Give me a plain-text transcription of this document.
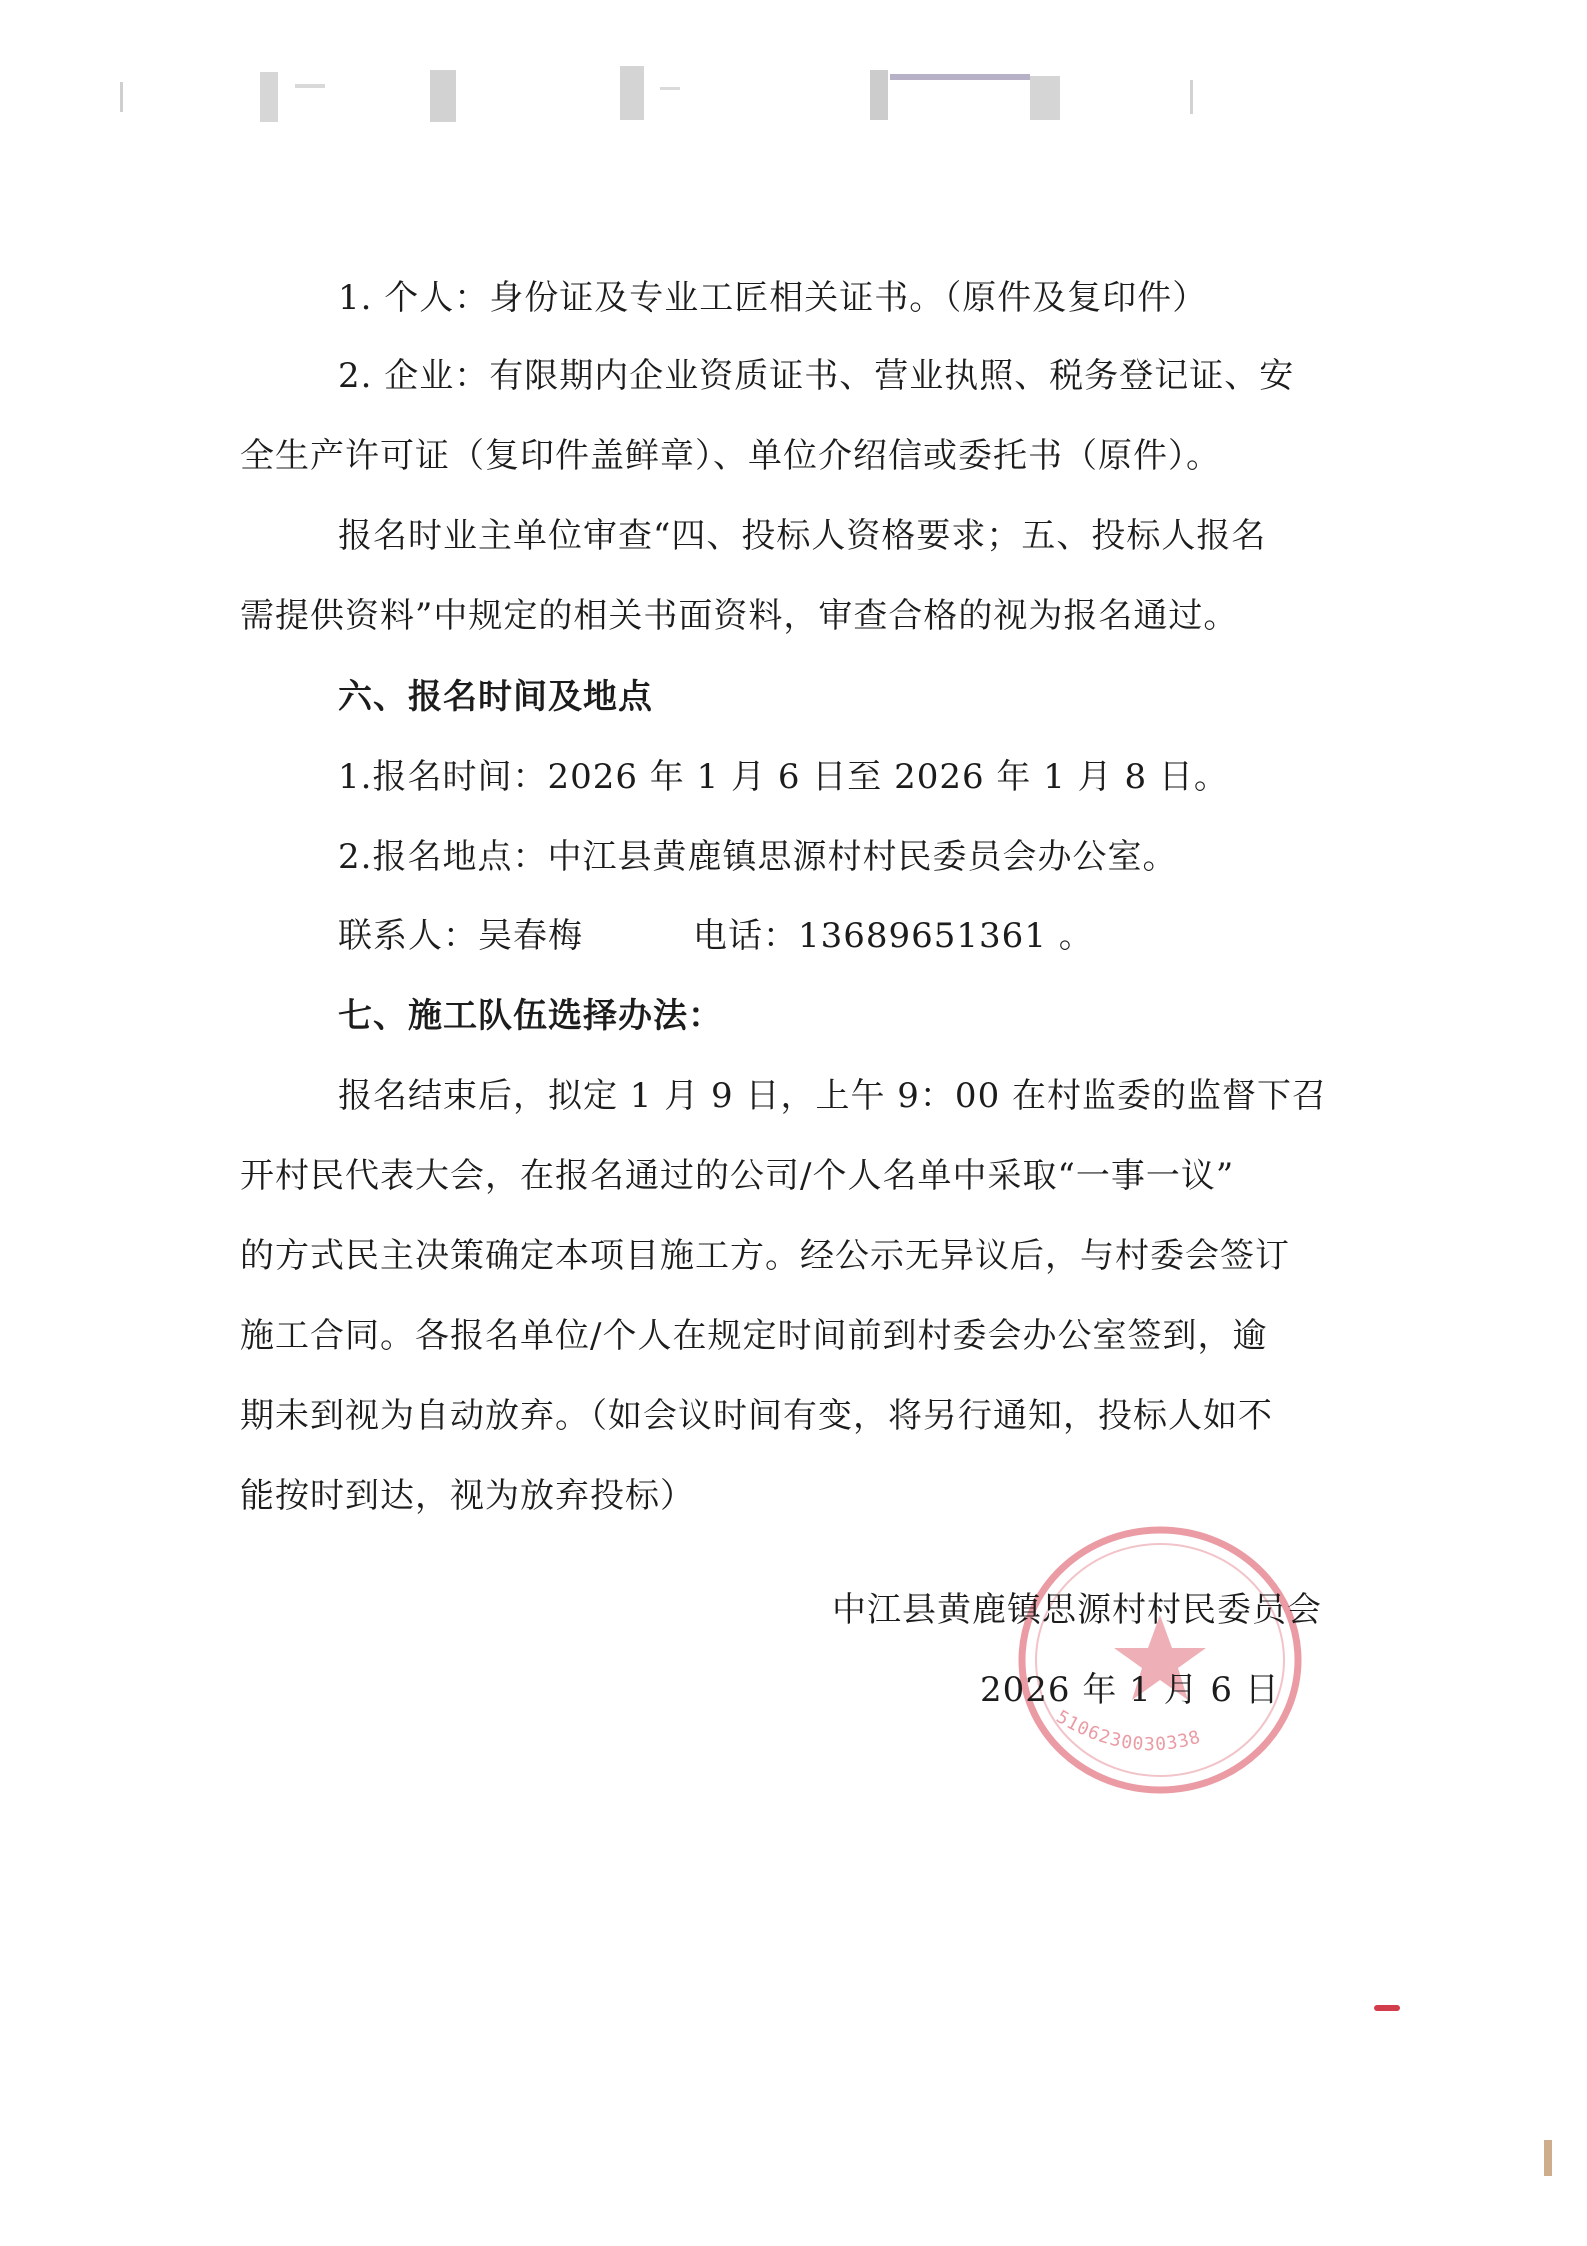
1. 个人：身份证及专业工匠相关证书。（原件及复印件）
2. 企业：有限期内企业资质证书、营业执照、税务登记证、安
全生产许可证（复印件盖鲜章）、单位介绍信或委托书（原件）。
报名时业主单位审查“四、投标人资格要求；五、投标人报名
需提供资料”中规定的相关书面资料，审查合格的视为报名通过。
六、报名时间及地点
1.报名时间：2026 年 1 月 6 日至 2026 年 1 月 8 日。
2.报名地点：中江县黄鹿镇思源村村民委员会办公室。
联系人：吴春梅	电话：13689651361 。
七、施工队伍选择办法：
报名结束后，拟定 1 月 9 日，上午 9：00 在村监委的监督下召
开村民代表大会，在报名通过的公司/个人名单中采取“一事一议”
的方式民主决策确定本项目施工方。经公示无异议后，与村委会签订
施工合同。各报名单位/个人在规定时间前到村委会办公室签到，逾
期未到视为自动放弃。（如会议时间有变，将另行通知，投标人如不
能按时到达，视为放弃投标）
5106230030338
中江县黄鹿镇思源村村民委员会
2026 年 1 月 6 日
